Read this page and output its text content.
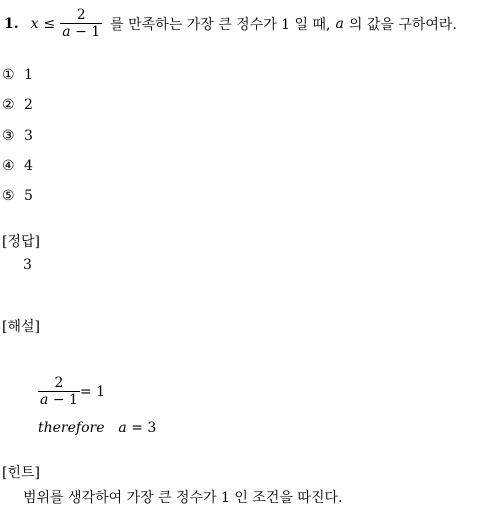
1. $x \le \frac{2}{a - 1}$ 를 만족하는 가장 큰 정수가 1 일 때, a 의 값을 구하여라.
① 1
② 2
③ 3
④ 4
⑤ 5
[정답]
3
[해설]
$\frac{2}{a - 1} = 1$
therefore a = 3
[힌트]
범위를 생각하여 가장 큰 정수가 1 인 조건을 따진다.
